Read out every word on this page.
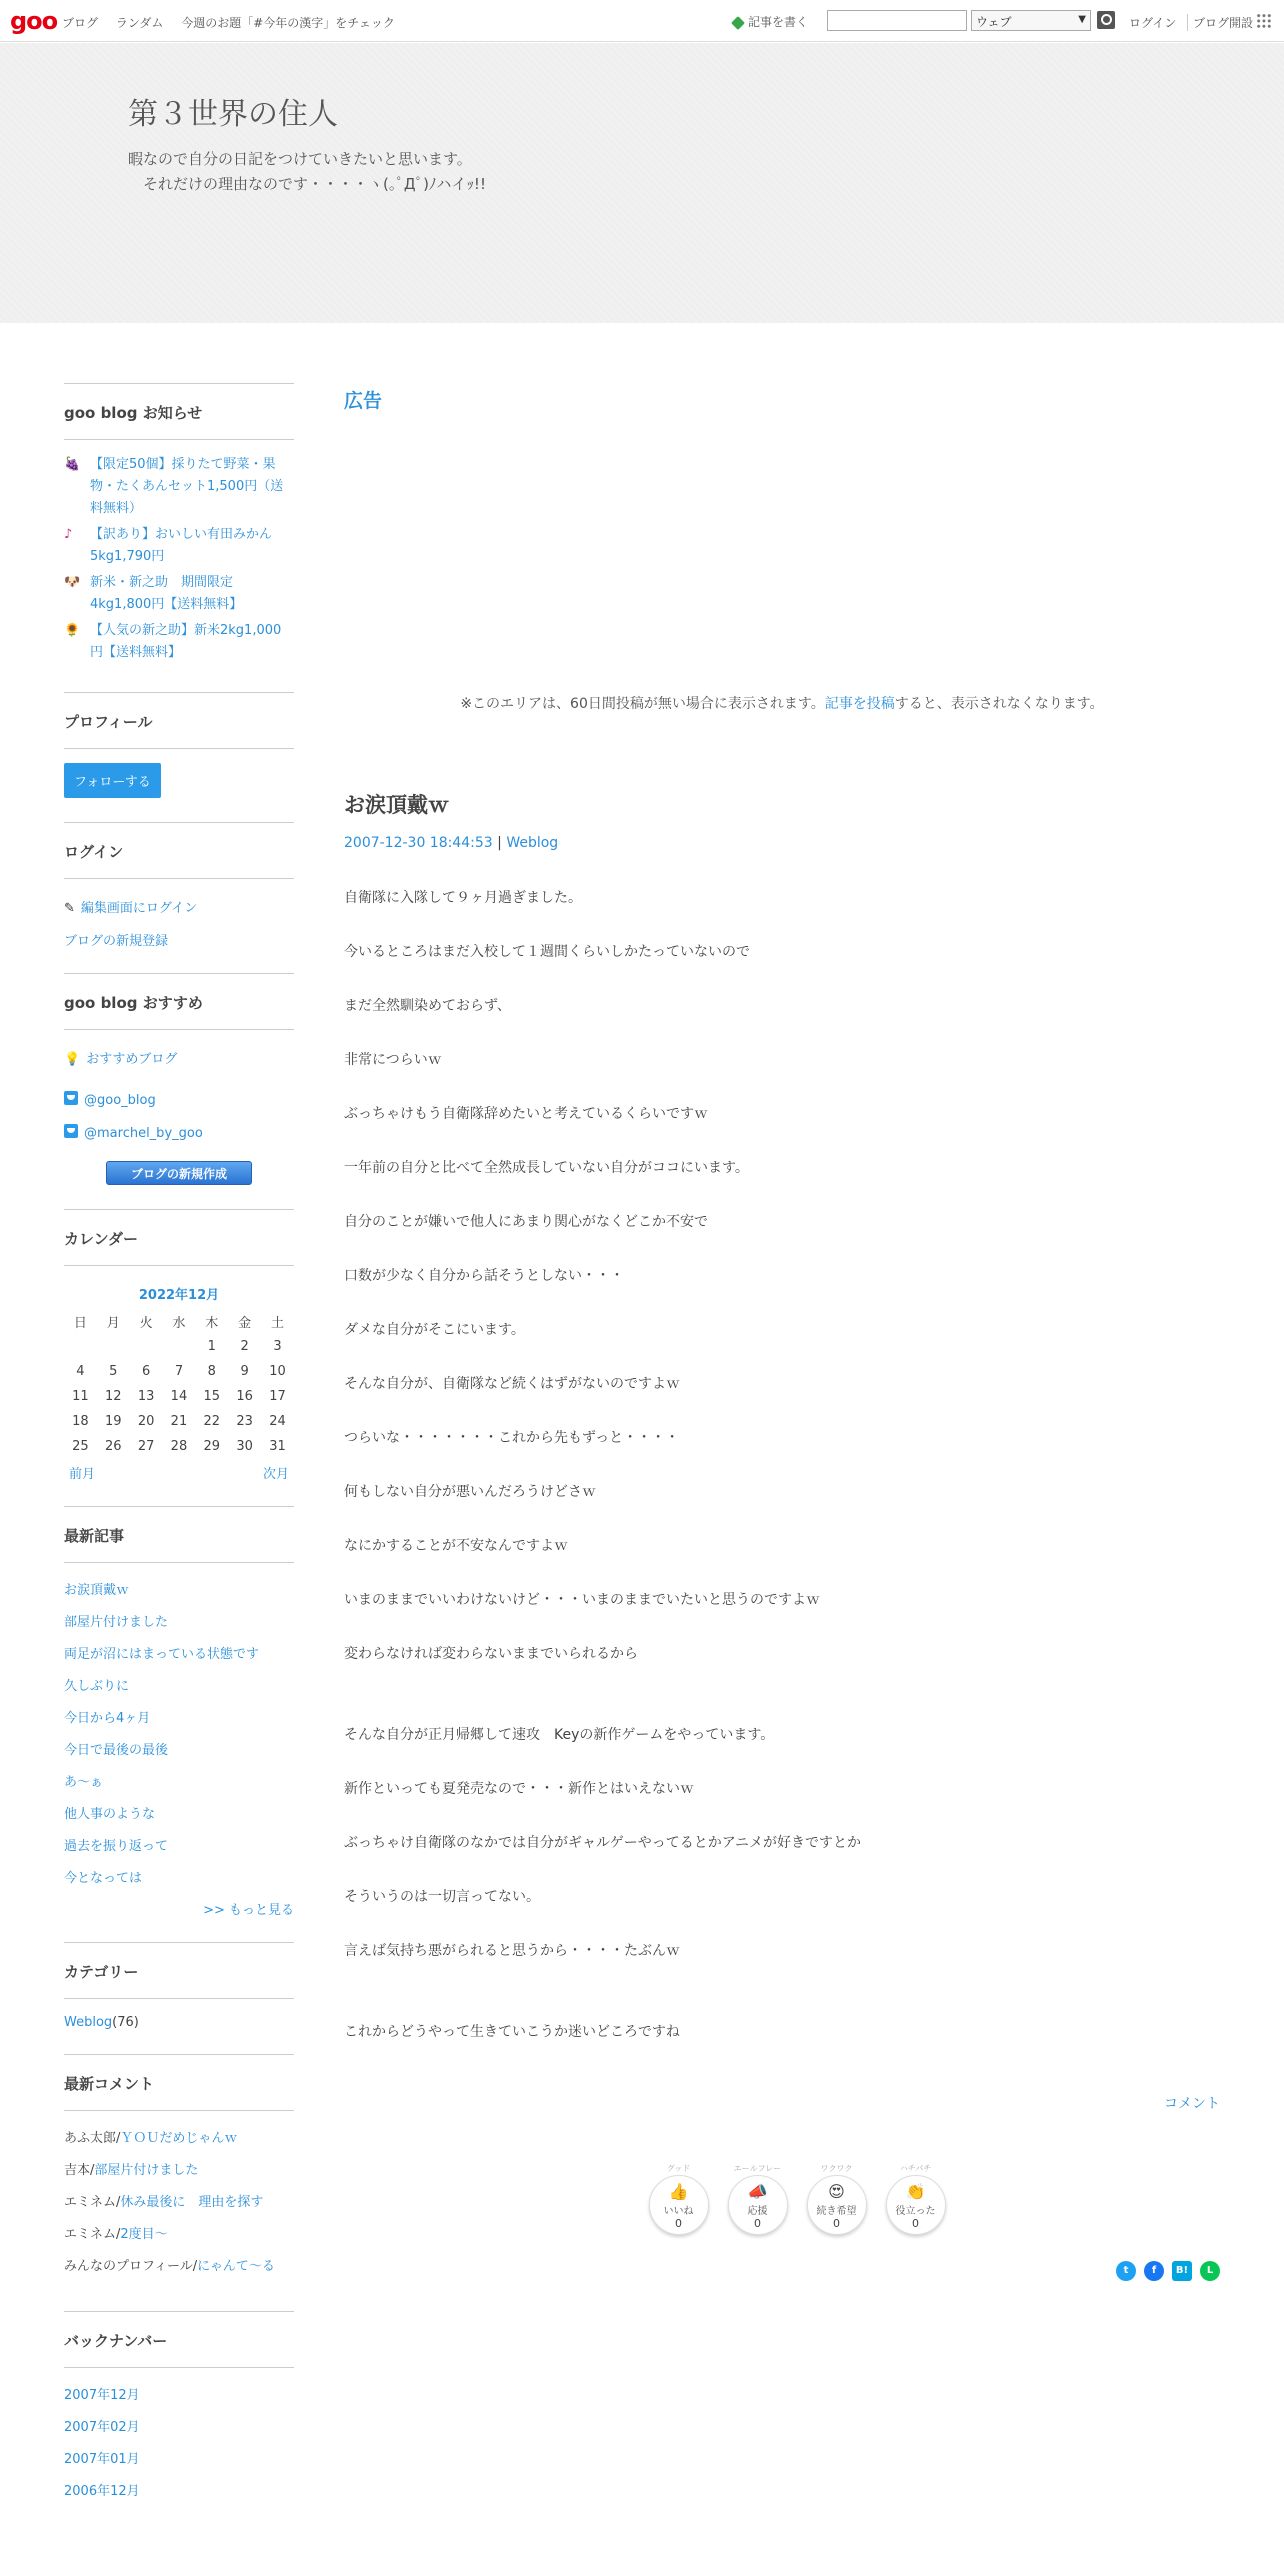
goo ブログ ランダム 今週のお題「#今年の漢字」をチェック	記事を書く	ウェブ	▼	ログイン	ブログ開設
第３世界の住人
暇なので自分の日記をつけていきたいと思います。
　それだけの理由なのです・・・・ヽ(｡ﾟДﾟ)ﾉハイｯ!!
goo blog お知らせ
🍇 【限定50個】採りたて野菜・果物・たくあんセット1,500円（送料無料）
♪	【訳あり】おいしい有田みかん5kg1,790円
🐶 新米・新之助　期間限定4kg1,800円【送料無料】
🌻 【人気の新之助】新米2kg1,000円【送料無料】
プロフィール
フォローする
ログイン
✎ 編集画面にログイン
ブログの新規登録
goo blog おすすめ
💡 おすすめブログ
@goo_blog
@marchel_by_goo
ブログの新規作成
カレンダー
2022年12月
日	月	火	水	木	金	土
				1	2	3
4	5	6	7	8	9	10
11	12	13	14	15	16	17
18	19	20	21	22	23	24
25	26	27	28	29	30	31
前月	次月
最新記事
お涙頂戴ｗ
部屋片付けました
両足が沼にはまっている状態です
久しぶりに
今日から4ヶ月
今日で最後の最後
あ～ぁ
他人事のような
過去を振り返って
今となっては
>> もっと見る
カテゴリー
Weblog(76)
最新コメント
あふ太郎/ＹＯＵだめじゃんｗ
吉本/部屋片付けました
エミネム/休み最後に　理由を探す
エミネム/2度目～
みんなのプロフィール/にゃんて～る
バックナンバー
2007年12月
2007年02月
2007年01月
2006年12月
広告
※このエリアは、60日間投稿が無い場合に表示されます。記事を投稿すると、表示されなくなります。
お涙頂戴ｗ
2007-12-30 18:44:53 | Weblog

自衛隊に入隊して９ヶ月過ぎました。

今いるところはまだ入校して１週間くらいしかたっていないので

まだ全然馴染めておらず、

非常につらいｗ

ぶっちゃけもう自衛隊辞めたいと考えているくらいですｗ

一年前の自分と比べて全然成長していない自分がココにいます。

自分のことが嫌いで他人にあまり関心がなくどこか不安で

口数が少なく自分から話そうとしない・・・

ダメな自分がそこにいます。

そんな自分が、自衛隊など続くはずがないのですよｗ

つらいな・・・・・・・これから先もずっと・・・・

何もしない自分が悪いんだろうけどさｗ

なにかすることが不安なんですよｗ

いまのままでいいわけないけど・・・いまのままでいたいと思うのですよｗ

変わらなければ変わらないままでいられるから

そんな自分が正月帰郷して速攻　Keyの新作ゲームをやっています。

新作といっても夏発売なので・・・新作とはいえないｗ

ぶっちゃけ自衛隊のなかでは自分がギャルゲーやってるとかアニメが好きですとか

そういうのは一切言ってない。

言えば気持ち悪がられると思うから・・・・たぶんｗ

これからどうやって生きていこうか迷いどころですね

コメント
グッド
👍
いいね
0
エールフレー
📣
応援
0
ワクワク
😍
続き希望
0
ハチパチ
👏
役立った
0
t	f	B!	L
